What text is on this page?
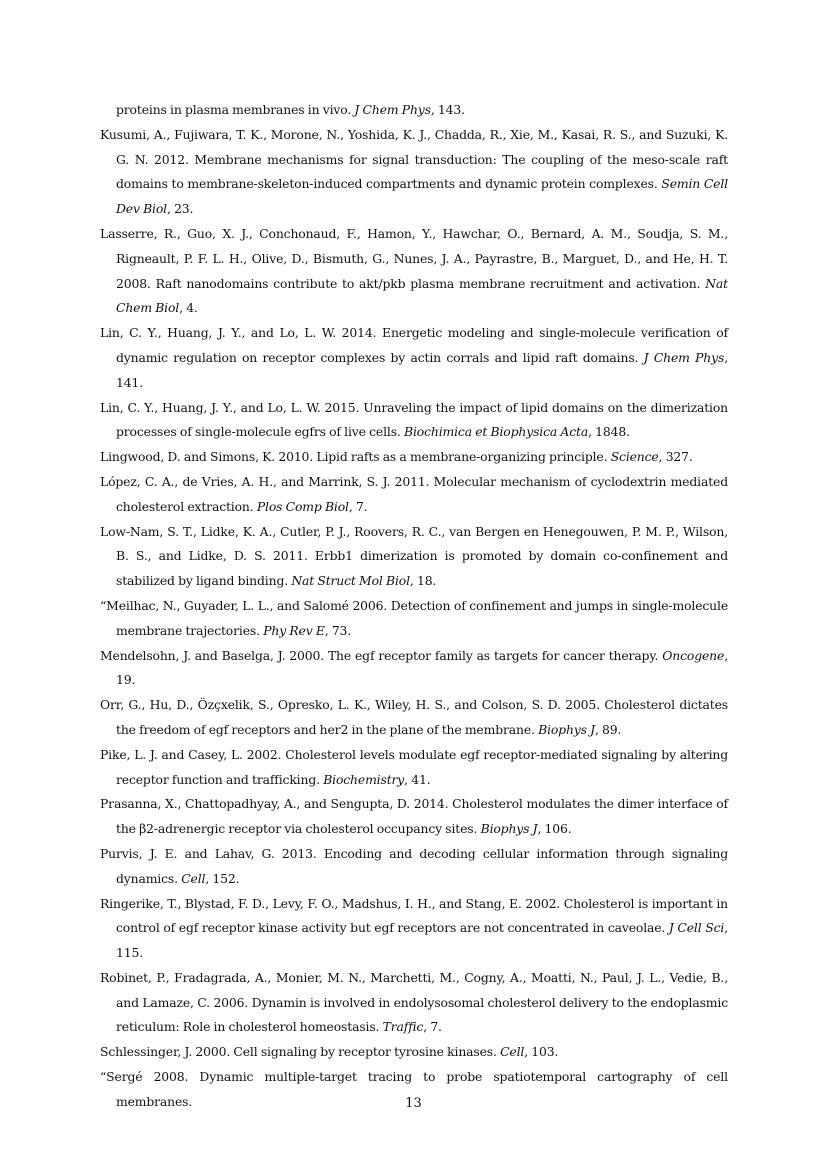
proteins in plasma membranes in vivo. J Chem Phys, 143.

Kusumi, A., Fujiwara, T. K., Morone, N., Yoshida, K. J., Chadda, R., Xie, M., Kasai, R. S., and Suzuki, K. G. N. 2012. Membrane mechanisms for signal transduction: The coupling of the meso-scale raft domains to membrane-skeleton-induced compartments and dynamic protein complexes. Semin Cell Dev Biol, 23.

Lasserre, R., Guo, X. J., Conchonaud, F., Hamon, Y., Hawchar, O., Bernard, A. M., Soudja, S. M., Rigneault, P. F. L. H., Olive, D., Bismuth, G., Nunes, J. A., Payrastre, B., Marguet, D., and He, H. T. 2008. Raft nanodomains contribute to akt/pkb plasma membrane recruitment and activation. Nat Chem Biol, 4.

Lin, C. Y., Huang, J. Y., and Lo, L. W. 2014. Energetic modeling and single-molecule verification of dynamic regulation on receptor complexes by actin corrals and lipid raft domains. J Chem Phys, 141.

Lin, C. Y., Huang, J. Y., and Lo, L. W. 2015. Unraveling the impact of lipid domains on the dimerization processes of single-molecule egfrs of live cells. Biochimica et Biophysica Acta, 1848.

Lingwood, D. and Simons, K. 2010. Lipid rafts as a membrane-organizing principle. Science, 327.

López, C. A., de Vries, A. H., and Marrink, S. J. 2011. Molecular mechanism of cyclodextrin mediated cholesterol extraction. Plos Comp Biol, 7.

Low-Nam, S. T., Lidke, K. A., Cutler, P. J., Roovers, R. C., van Bergen en Henegouwen, P. M. P., Wilson, B. S., and Lidke, D. S. 2011. Erbb1 dimerization is promoted by domain co-confinement and stabilized by ligand binding. Nat Struct Mol Biol, 18.

“Meilhac, N., Guyader, L. L., and Salomé 2006. Detection of confinement and jumps in single-molecule membrane trajectories. Phy Rev E, 73.

Mendelsohn, J. and Baselga, J. 2000. The egf receptor family as targets for cancer therapy. Oncogene, 19.

Orr, G., Hu, D., Özçxelik, S., Opresko, L. K., Wiley, H. S., and Colson, S. D. 2005. Cholesterol dictates the freedom of egf receptors and her2 in the plane of the membrane. Biophys J, 89.

Pike, L. J. and Casey, L. 2002. Cholesterol levels modulate egf receptor-mediated signaling by altering receptor function and trafficking. Biochemistry, 41.

Prasanna, X., Chattopadhyay, A., and Sengupta, D. 2014. Cholesterol modulates the dimer interface of the β2-adrenergic receptor via cholesterol occupancy sites. Biophys J, 106.

Purvis, J. E. and Lahav, G. 2013. Encoding and decoding cellular information through signaling dynamics. Cell, 152.

Ringerike, T., Blystad, F. D., Levy, F. O., Madshus, I. H., and Stang, E. 2002. Cholesterol is important in control of egf receptor kinase activity but egf receptors are not concentrated in caveolae. J Cell Sci, 115.

Robinet, P., Fradagrada, A., Monier, M. N., Marchetti, M., Cogny, A., Moatti, N., Paul, J. L., Vedie, B., and Lamaze, C. 2006. Dynamin is involved in endolysosomal cholesterol delivery to the endoplasmic reticulum: Role in cholesterol homeostasis. Traffic, 7.

Schlessinger, J. 2000. Cell signaling by receptor tyrosine kinases. Cell, 103.

“Sergé 2008. Dynamic multiple-target tracing to probe spatiotemporal cartography of cell membranes.	13
